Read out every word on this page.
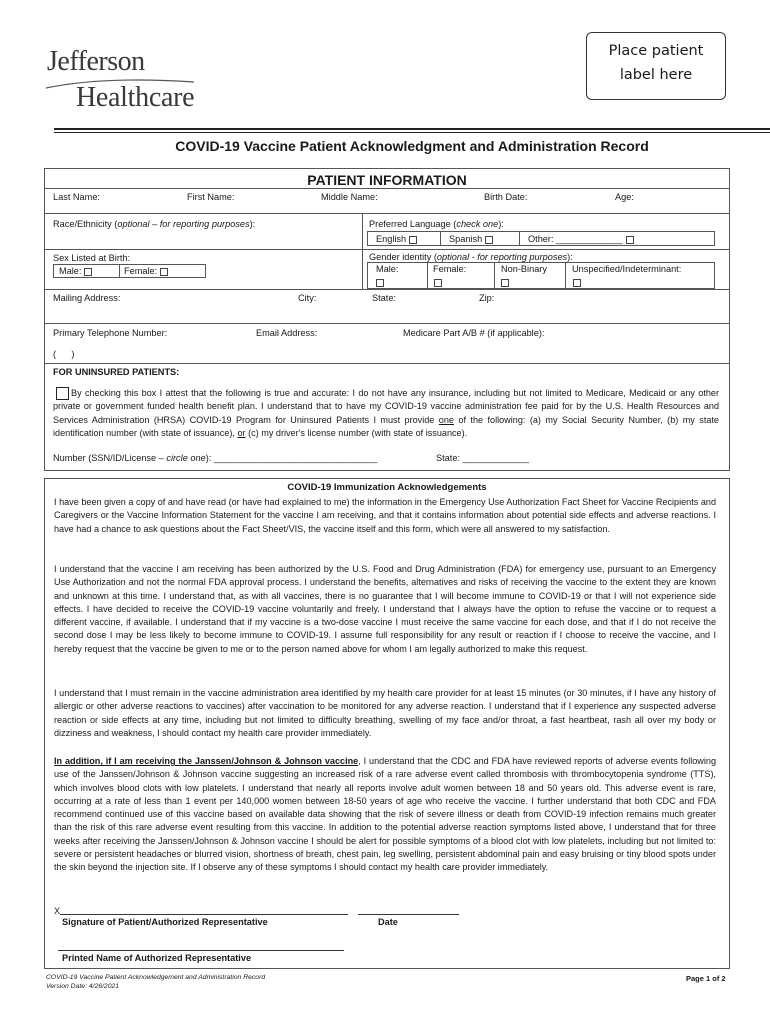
Jefferson
Healthcare
Place patient
label here
COVID-19 Vaccine Patient Acknowledgment and Administration Record
PATIENT INFORMATION
Last Name:	First Name:	Middle Name:	Birth Date:	Age:
Race/Ethnicity (optional – for reporting purposes):	Preferred Language (check one):
English	Spanish	Other: _____________
Sex Listed at Birth:
Male:	Female:
Gender identity (optional - for reporting purposes):
Male:	Female:	Non-Binary	Unspecified/Indeterminant:
Mailing Address:	City:	State:	Zip:
Primary Telephone Number:	Email Address:	Medicare Part A/B # (if applicable):
(      )
FOR UNINSURED PATIENTS:
By checking this box I attest that the following is true and accurate: I do not have any insurance, including but not limited to Medicare, Medicaid or any other private or government funded health benefit plan. I understand that to have my COVID-19 vaccine administration fee paid for by the U.S. Health Resources and Services Administration (HRSA) COVID-19 Program for Uninsured Patients I must provide one of the following: (a) my Social Security Number, (b) my state identification number (with state of issuance), or (c) my driver's license number (with state of issuance).
Number (SSN/ID/License – circle one): ________________________________	State: _____________
COVID-19 Immunization Acknowledgements
I have been given a copy of and have read (or have had explained to me) the information in the Emergency Use Authorization Fact Sheet for Vaccine Recipients and Caregivers or the Vaccine Information Statement for the vaccine I am receiving, and that it contains information about potential side effects and adverse reactions. I have had a chance to ask questions about the Fact Sheet/VIS, the vaccine itself and this form, which were all answered to my satisfaction.
I understand that the vaccine I am receiving has been authorized by the U.S. Food and Drug Administration (FDA) for emergency use, pursuant to an Emergency Use Authorization and not the normal FDA approval process. I understand the benefits, alternatives and risks of receiving the vaccine to the extent they are known and unknown at this time. I understand that, as with all vaccines, there is no guarantee that I will become immune to COVID-19 or that I will not experience side effects. I have decided to receive the COVID-19 vaccine voluntarily and freely. I understand that I always have the option to refuse the vaccine or to request a different vaccine, if available. I understand that if my vaccine is a two-dose vaccine I must receive the same vaccine for each dose, and that if I do not receive the second dose I may be less likely to become immune to COVID-19. I assume full responsibility for any result or reaction if I choose to receive the vaccine, and I hereby request that the vaccine be given to me or to the person named above for whom I am legally authorized to make this request.
I understand that I must remain in the vaccine administration area identified by my health care provider for at least 15 minutes (or 30 minutes, if I have any history of allergic or other adverse reactions to vaccines) after vaccination to be monitored for any adverse reaction. I understand that if I experience any suspected adverse reaction or side effects at any time, including but not limited to difficulty breathing, swelling of my face and/or throat, a fast heartbeat, rash all over my body or dizziness and weakness, I should contact my health care provider immediately.
In addition, if I am receiving the Janssen/Johnson & Johnson vaccine, I understand that the CDC and FDA have reviewed reports of adverse events following use of the Janssen/Johnson & Johnson vaccine suggesting an increased risk of a rare adverse event called thrombosis with thrombocytopenia syndrome (TTS), which involves blood clots with low platelets. I understand that nearly all reports involve adult women between 18 and 50 years old. This adverse event is rare, occurring at a rate of less than 1 event per 140,000 women between 18-50 years of age who receive the vaccine. I further understand that both CDC and FDA recommend continued use of this vaccine based on available data showing that the risk of severe illness or death from COVID-19 infection remains much greater than the risk of this rare adverse event resulting from this vaccine. In addition to the potential adverse reaction symptoms listed above, I understand that for three weeks after receiving the Janssen/Johnson & Johnson vaccine I should be alert for possible symptoms of a blood clot with low platelets, including but not limited to: severe or persistent headaches or blurred vision, shortness of breath, chest pain, leg swelling, persistent abdominal pain and easy bruising or tiny blood spots under the skin beyond the injection site. If I observe any of these symptoms I should contact my health care provider immediately.
X
Signature of Patient/Authorized Representative	Date
Printed Name of Authorized Representative
COVID-19 Vaccine Patient Acknowledgement and Administration Record
Version Date: 4/26/2021
Page 1 of 2
